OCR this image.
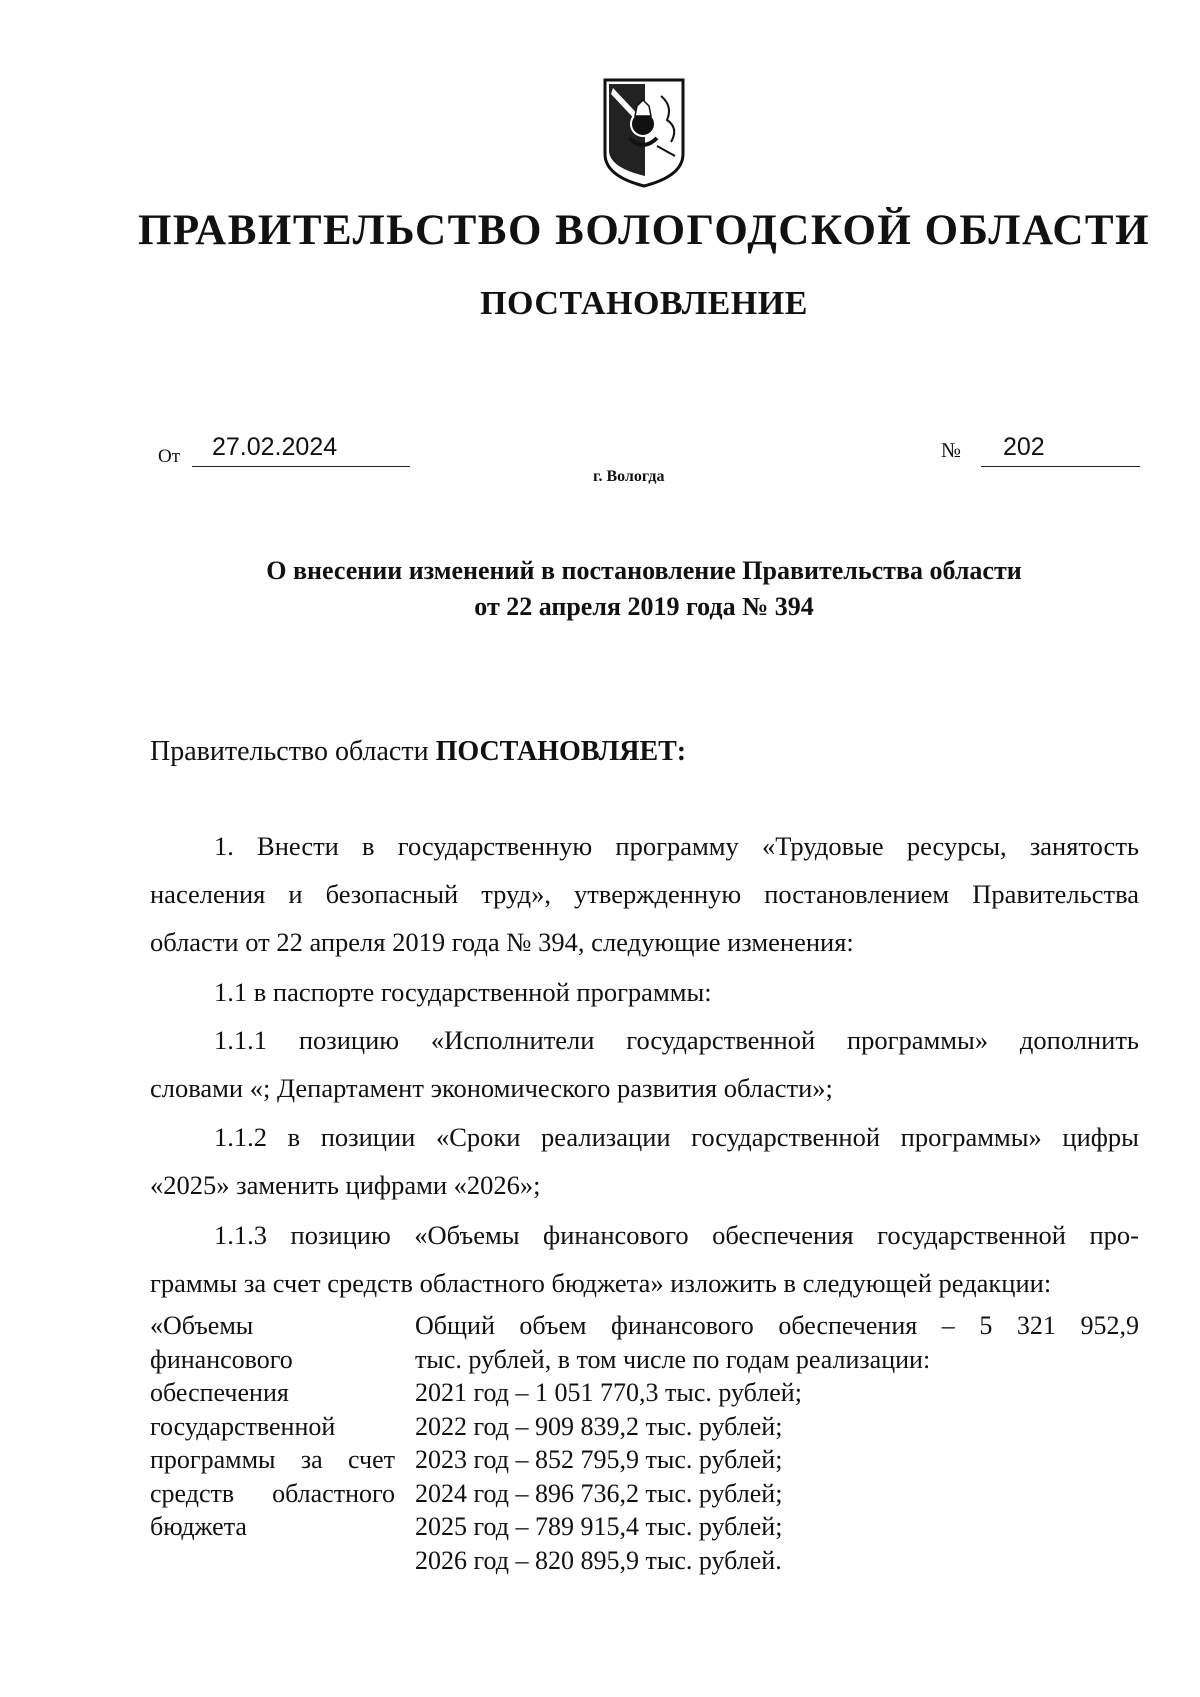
ПРАВИТЕЛЬСТВО ВОЛОГОДСКОЙ ОБЛАСТИ
ПОСТАНОВЛЕНИЕ
От 27.02.2024	№ 202
г. Вологда
О внесении изменений в постановление Правительства области
от 22 апреля 2019 года № 394
Правительство области ПОСТАНОВЛЯЕТ:
1. Внести в государственную программу «Трудовые ресурсы, занятость
населения и безопасный труд», утвержденную постановлением Правительства
области от 22 апреля 2019 года № 394, следующие изменения:
1.1 в паспорте государственной программы:
1.1.1 позицию «Исполнители государственной программы» дополнить
словами «; Департамент экономического развития области»;
1.1.2 в позиции «Сроки реализации государственной программы» цифры
«2025» заменить цифрами «2026»;
1.1.3 позицию «Объемы финансового обеспечения государственной про-
граммы за счет средств областного бюджета» изложить в следующей редакции:
«Объемы
финансового
обеспечения
государственной
программы за счет
средств областного
бюджета
Общий объем финансового обеспечения – 5 321 952,9
тыс. рублей, в том числе по годам реализации:
2021 год – 1 051 770,3 тыс. рублей;
2022 год – 909 839,2 тыс. рублей;
2023 год – 852 795,9 тыс. рублей;
2024 год – 896 736,2 тыс. рублей;
2025 год – 789 915,4 тыс. рублей;
2026 год – 820 895,9 тыс. рублей.
